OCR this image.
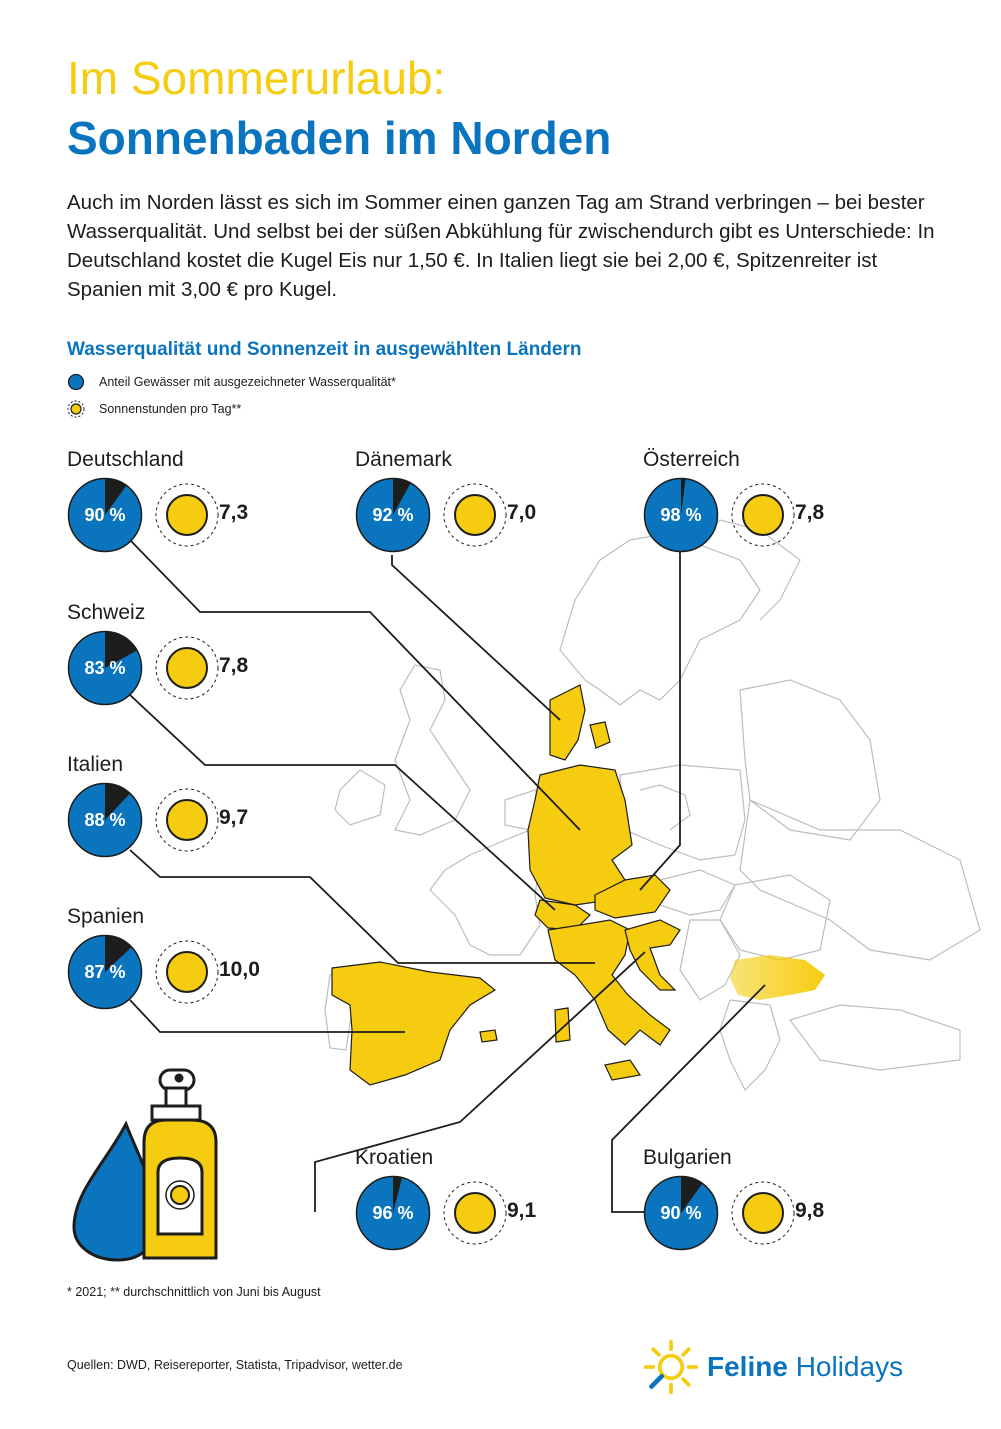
Im Sommerurlaub:
Sonnenbaden im Norden

Auch im Norden lässt es sich im Sommer einen ganzen Tag am Strand verbringen – bei bester Wasserqualität. Und selbst bei der süßen Abkühlung für zwischendurch gibt es Unterschiede: In Deutschland kostet die Kugel Eis nur 1,50 €. In Italien liegt sie bei 2,00 €, Spitzenreiter ist Spanien mit 3,00 € pro Kugel.

Wasserqualität und Sonnenzeit in ausgewählten Ländern
Anteil Gewässer mit ausgezeichneter Wasserqualität*
Sonnenstunden pro Tag**
Deutschland
90 %	7,3
Dänemark
92 %	7,0
Österreich
98 %	7,8
Schweiz
83 %	7,8
Italien
88 %	9,7
Spanien
87 %	10,0
Kroatien
96 %	9,1
Bulgarien
90 %	9,8

* 2021; ** durchschnittlich von Juni bis August

Quellen: DWD, Reisereporter, Statista, Tripadvisor, wetter.de	Feline Holidays
